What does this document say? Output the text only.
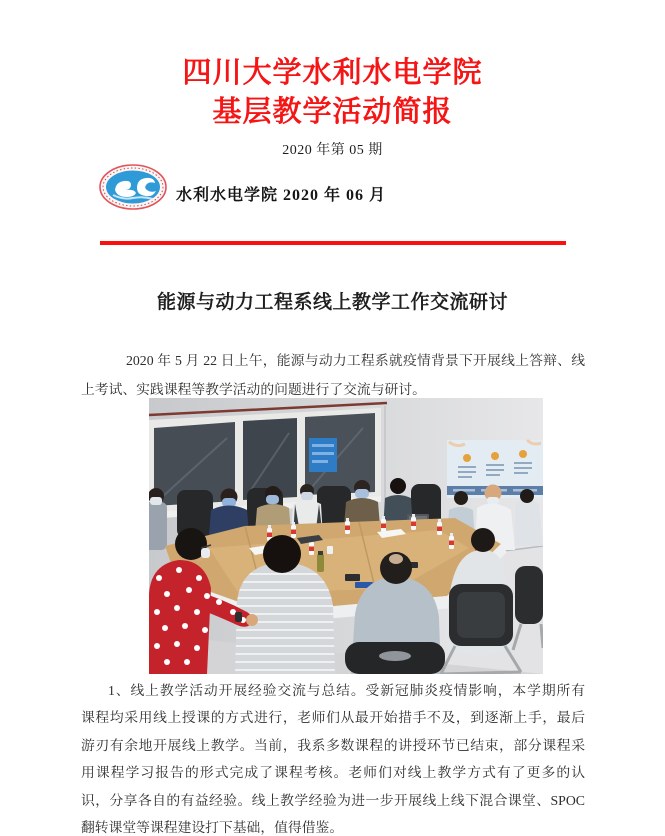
四川大学水利水电学院
基层教学活动简报
2020 年第 05 期
水利水电学院 2020 年 06 月
能源与动力工程系线上教学工作交流研讨
2020 年 5 月 22 日上午，能源与动力工程系就疫情背景下开展线上答辩、线
上考试、实践课程等教学活动的问题进行了交流与研讨。
1、线上教学活动开展经验交流与总结。受新冠肺炎疫情影响，本学期所有
课程均采用线上授课的方式进行，老师们从最开始措手不及，到逐渐上手，最后
游刃有余地开展线上教学。当前，我系多数课程的讲授环节已结束，部分课程采
用课程学习报告的形式完成了课程考核。老师们对线上教学方式有了更多的认
识，分享各自的有益经验。线上教学经验为进一步开展线上线下混合课堂、SPOC
翻转课堂等课程建设打下基础，值得借鉴。
